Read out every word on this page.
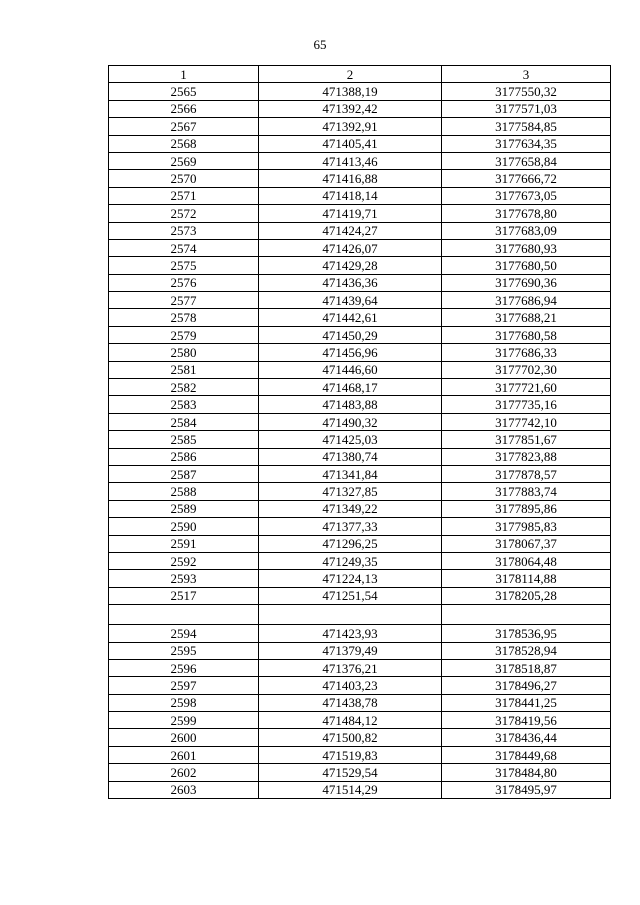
65
1	2	3
2565	471388,19	3177550,32
2566	471392,42	3177571,03
2567	471392,91	3177584,85
2568	471405,41	3177634,35
2569	471413,46	3177658,84
2570	471416,88	3177666,72
2571	471418,14	3177673,05
2572	471419,71	3177678,80
2573	471424,27	3177683,09
2574	471426,07	3177680,93
2575	471429,28	3177680,50
2576	471436,36	3177690,36
2577	471439,64	3177686,94
2578	471442,61	3177688,21
2579	471450,29	3177680,58
2580	471456,96	3177686,33
2581	471446,60	3177702,30
2582	471468,17	3177721,60
2583	471483,88	3177735,16
2584	471490,32	3177742,10
2585	471425,03	3177851,67
2586	471380,74	3177823,88
2587	471341,84	3177878,57
2588	471327,85	3177883,74
2589	471349,22	3177895,86
2590	471377,33	3177985,83
2591	471296,25	3178067,37
2592	471249,35	3178064,48
2593	471224,13	3178114,88
2517	471251,54	3178205,28

2594	471423,93	3178536,95
2595	471379,49	3178528,94
2596	471376,21	3178518,87
2597	471403,23	3178496,27
2598	471438,78	3178441,25
2599	471484,12	3178419,56
2600	471500,82	3178436,44
2601	471519,83	3178449,68
2602	471529,54	3178484,80
2603	471514,29	3178495,97
